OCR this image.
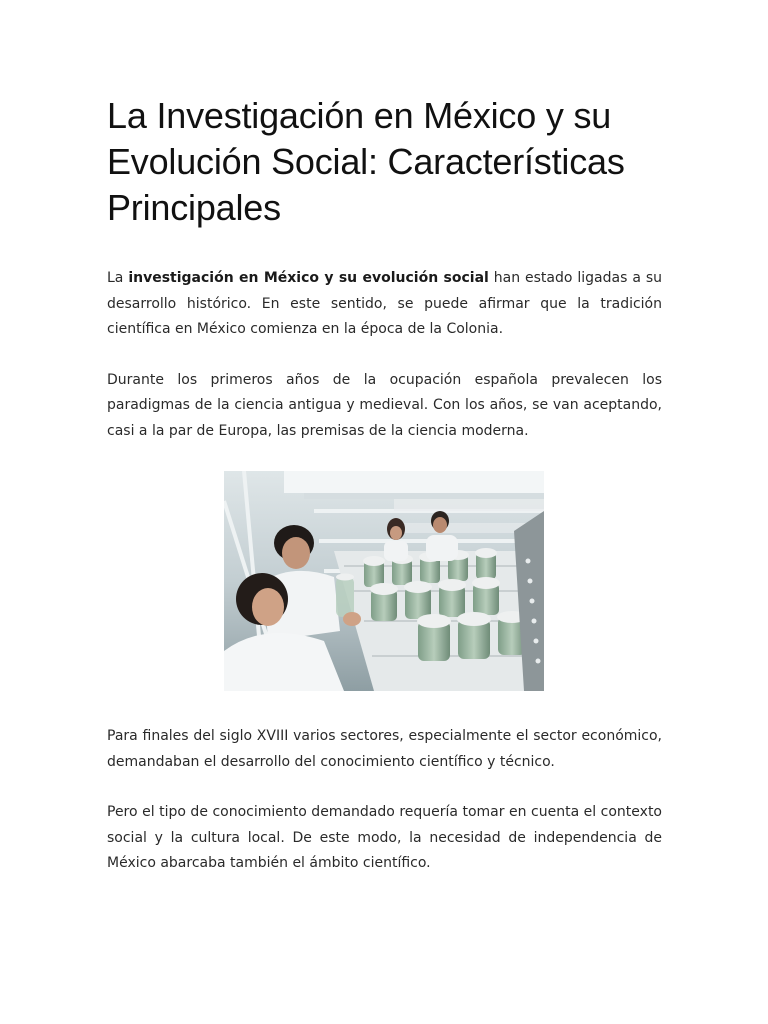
La Investigación en México y su Evolución Social: Características Principales

La investigación en México y su evolución social han estado ligadas a su desarrollo histórico. En este sentido, se puede afirmar que la tradición científica en México comienza en la época de la Colonia.

Durante los primeros años de la ocupación española prevalecen los paradigmas de la ciencia antigua y medieval. Con los años, se van aceptando, casi a la par de Europa, las premisas de la ciencia moderna.

Para finales del siglo XVIII varios sectores, especialmente el sector económico, demandaban el desarrollo del conocimiento científico y técnico.

Pero el tipo de conocimiento demandado requería tomar en cuenta el contexto social y la cultura local. De este modo, la necesidad de independencia de México abarcaba también el ámbito científico.
